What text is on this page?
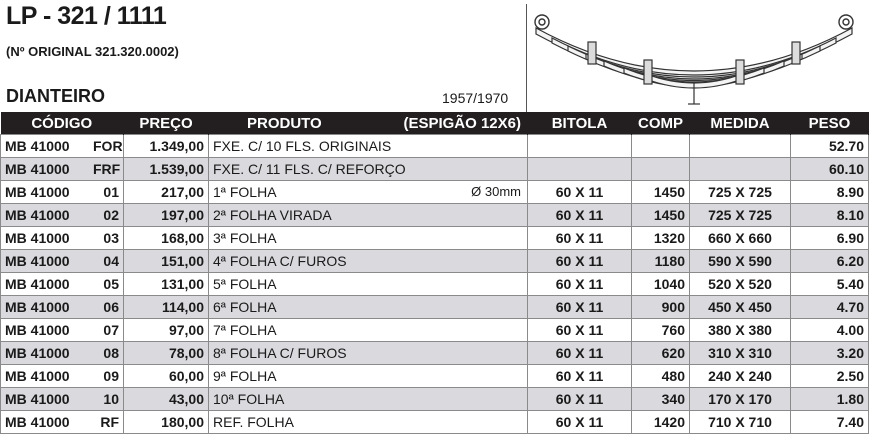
LP - 321 / 1111
(Nº ORIGINAL 321.320.0002)
DIANTEIRO	1957/1970
CÓDIGO	PREÇO	PRODUTO (ESPIGÃO 12X6)	BITOLA	COMP	MEDIDA	PESO
MB 41000 FOR	1.349,00	FXE. C/ 10 FLS. ORIGINAIS				52.70
MB 41000 FRF	1.539,00	FXE. C/ 11 FLS. C/ REFORÇO				60.10
MB 41000 01	217,00	1ª FOLHA Ø 30mm	60 X 11	1450	725 X 725	8.90
MB 41000 02	197,00	2ª FOLHA VIRADA	60 X 11	1450	725 X 725	8.10
MB 41000 03	168,00	3ª FOLHA	60 X 11	1320	660 X 660	6.90
MB 41000 04	151,00	4ª FOLHA C/ FUROS	60 X 11	1180	590 X 590	6.20
MB 41000 05	131,00	5ª FOLHA	60 X 11	1040	520 X 520	5.40
MB 41000 06	114,00	6ª FOLHA	60 X 11	900	450 X 450	4.70
MB 41000 07	97,00	7ª FOLHA	60 X 11	760	380 X 380	4.00
MB 41000 08	78,00	8ª FOLHA C/ FUROS	60 X 11	620	310 X 310	3.20
MB 41000 09	60,00	9ª FOLHA	60 X 11	480	240 X 240	2.50
MB 41000 10	43,00	10ª FOLHA	60 X 11	340	170 X 170	1.80
MB 41000 RF	180,00	REF. FOLHA	60 X 11	1420	710 X 710	7.40
